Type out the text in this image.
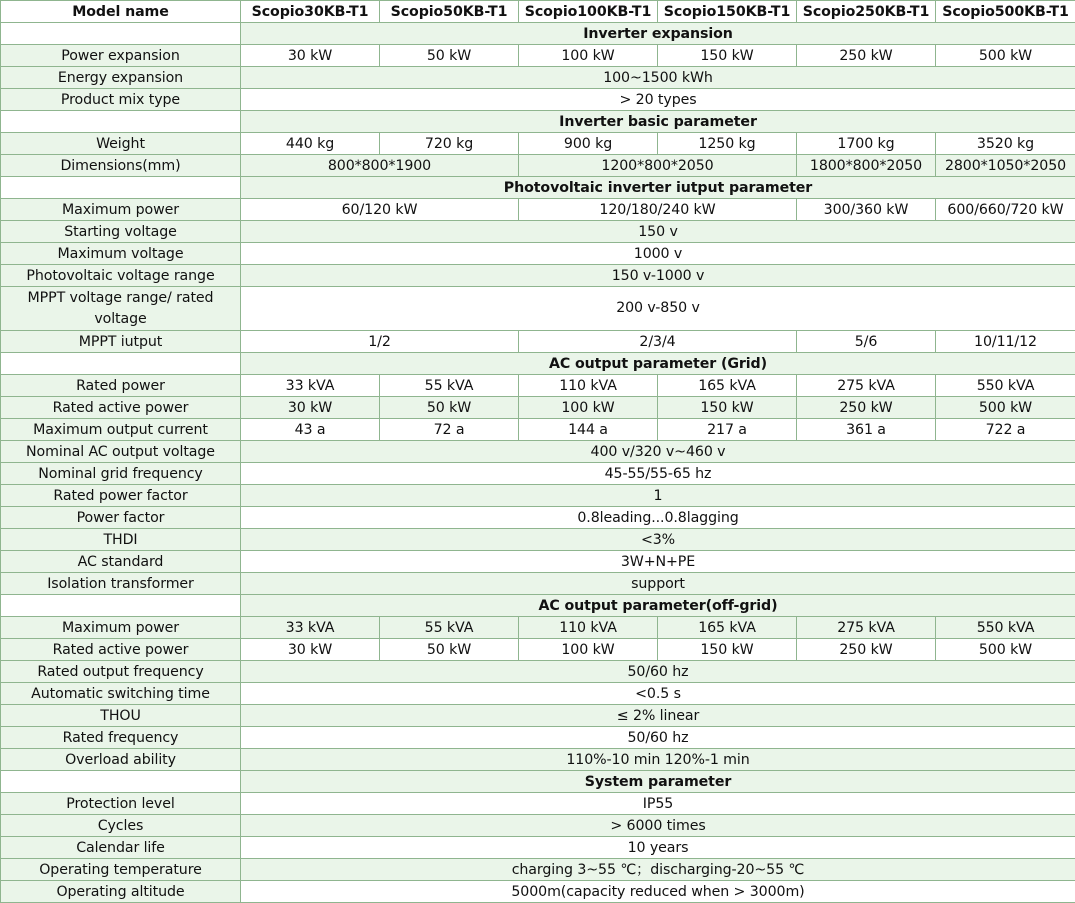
Model name	Scopio30KB-T1	Scopio50KB-T1	Scopio100KB-T1	Scopio150KB-T1	Scopio250KB-T1	Scopio500KB-T1
	Inverter expansion					
Power expansion	30 kW	50 kW	100 kW	150 kW	250 kW	500 kW
Energy expansion	100~1500 kWh					
Product mix type	> 20 types					
	Inverter basic parameter					
Weight	440 kg	720 kg	900 kg	1250 kg	1700 kg	3520 kg
Dimensions(mm)	800*800*1900		1200*800*2050		1800*800*2050	2800*1050*2050
	Photovoltaic inverter iutput parameter					
Maximum power	60/120 kW		120/180/240 kW		300/360 kW	600/660/720 kW
Starting voltage	150 v					
Maximum voltage	1000 v					
Photovoltaic voltage range	150 v-1000 v					
MPPT voltage range/ rated voltage	200 v-850 v					
MPPT iutput	1/2		2/3/4		5/6	10/11/12
	AC output parameter (Grid)					
Rated power	33 kVA	55 kVA	110 kVA	165 kVA	275 kVA	550 kVA
Rated active power	30 kW	50 kW	100 kW	150 kW	250 kW	500 kW
Maximum output current	43 a	72 a	144 a	217 a	361 a	722 a
Nominal AC output voltage	400 v/320 v~460 v					
Nominal grid frequency	45-55/55-65 hz					
Rated power factor	1					
Power factor	0.8leading...0.8lagging					
THDI	<3%					
AC standard	3W+N+PE					
Isolation transformer	support					
	AC output parameter(off-grid)					
Maximum power	33 kVA	55 kVA	110 kVA	165 kVA	275 kVA	550 kVA
Rated active power	30 kW	50 kW	100 kW	150 kW	250 kW	500 kW
Rated output frequency	50/60 hz					
Automatic switching time	<0.5 s					
THOU	≤ 2% linear					
Rated frequency	50/60 hz					
Overload ability	110%-10 min 120%-1 min					
	System parameter					
Protection level	IP55					
Cycles	> 6000 times					
Calendar life	10 years					
Operating temperature	charging 3~55 ℃；discharging-20~55 ℃					
Operating altitude	5000m(capacity reduced when > 3000m)					
